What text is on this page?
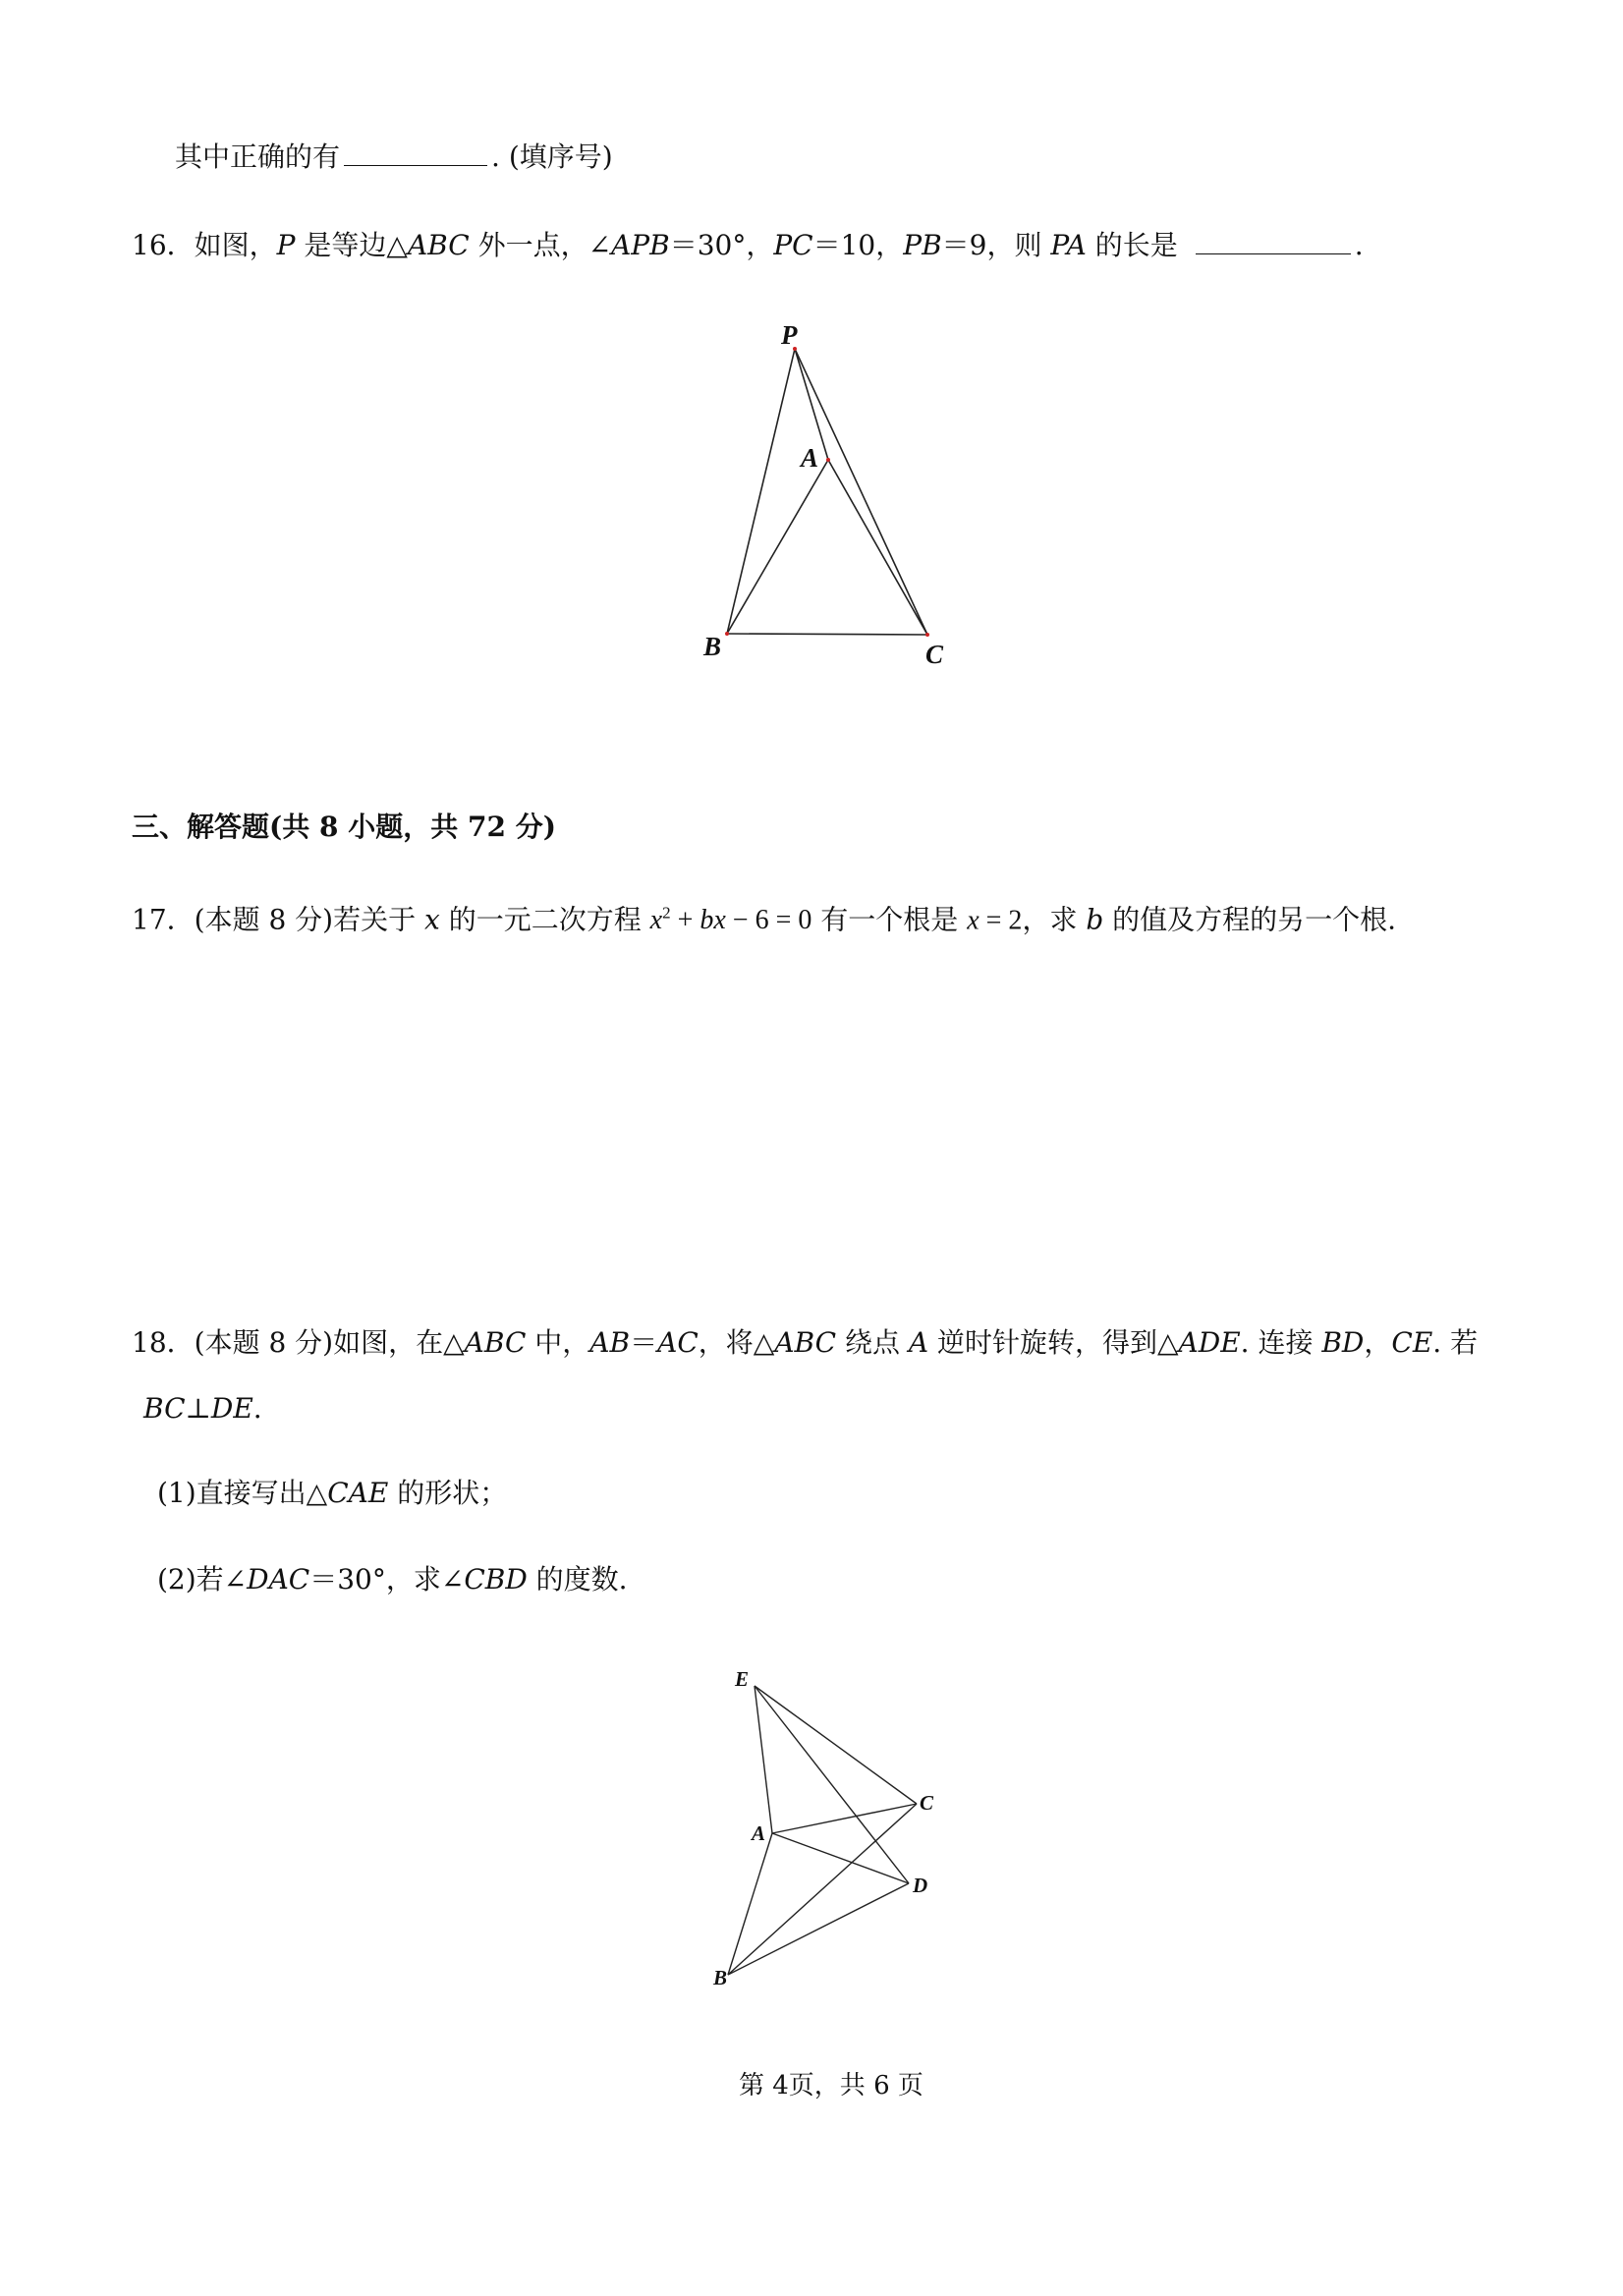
其中正确的有	. (填序号)
16．如图，P 是等边△ABC 外一点，∠APB＝30°，PC＝10，PB＝9，则 PA 的长是	.
P
A
B	C
三、解答题(共 8 小题，共 72 分)
17．(本题 8 分)若关于 x 的一元二次方程 $x^2$ + bx − 6 = 0 有一个根是 x = 2，求 b 的值及方程的另一个根.
18．(本题 8 分)如图，在△ABC 中，AB＝AC，将△ABC 绕点 A 逆时针旋转，得到△ADE. 连接 BD，CE. 若
BC⊥DE.
(1)直接写出△CAE 的形状；
(2)若∠DAC＝30°，求∠CBD 的度数.
E
C
A
D
B
第 4页，共 6 页
